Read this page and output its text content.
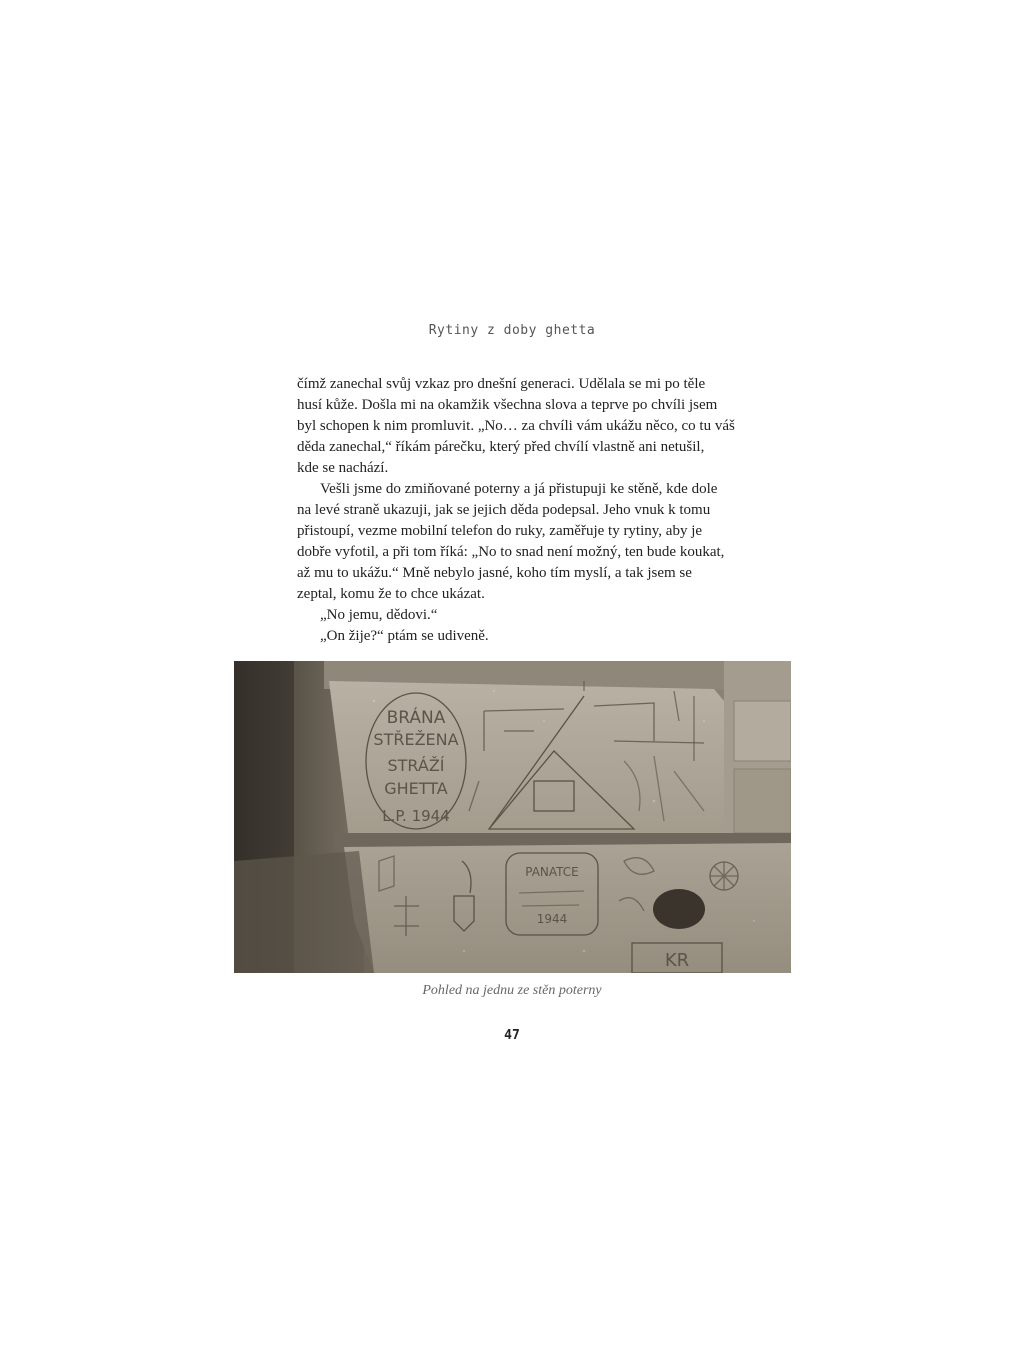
Rytiny z doby ghetta

čímž zanechal svůj vzkaz pro dnešní generaci. Udělala se mi po těle
husí kůže. Došla mi na okamžik všechna slova a teprve po chvíli jsem
byl schopen k nim promluvit. „No… za chvíli vám ukážu něco, co tu váš
děda zanechal,“ říkám párečku, který před chvílí vlastně ani netušil,
kde se nachází.

Vešli jsme do zmiňované poterny a já přistupuji ke stěně, kde dole
na levé straně ukazuji, jak se jejich děda podepsal. Jeho vnuk k tomu
přistoupí, vezme mobilní telefon do ruky, zaměřuje ty rytiny, aby je
dobře vyfotil, a při tom říká: „No to snad není možný, ten bude koukat,
až mu to ukážu.“ Mně nebylo jasné, koho tím myslí, a tak jsem se
zeptal, komu že to chce ukázat.

„No jemu, dědovi.“

„On žije?“ ptám se udiveně.

BRÁNA
STŘEŽENA
STRÁŽÍ
GHETTA
L.P. 1944
PANATCE
1944
KR
Pohled na jednu ze stěn poterny
47
